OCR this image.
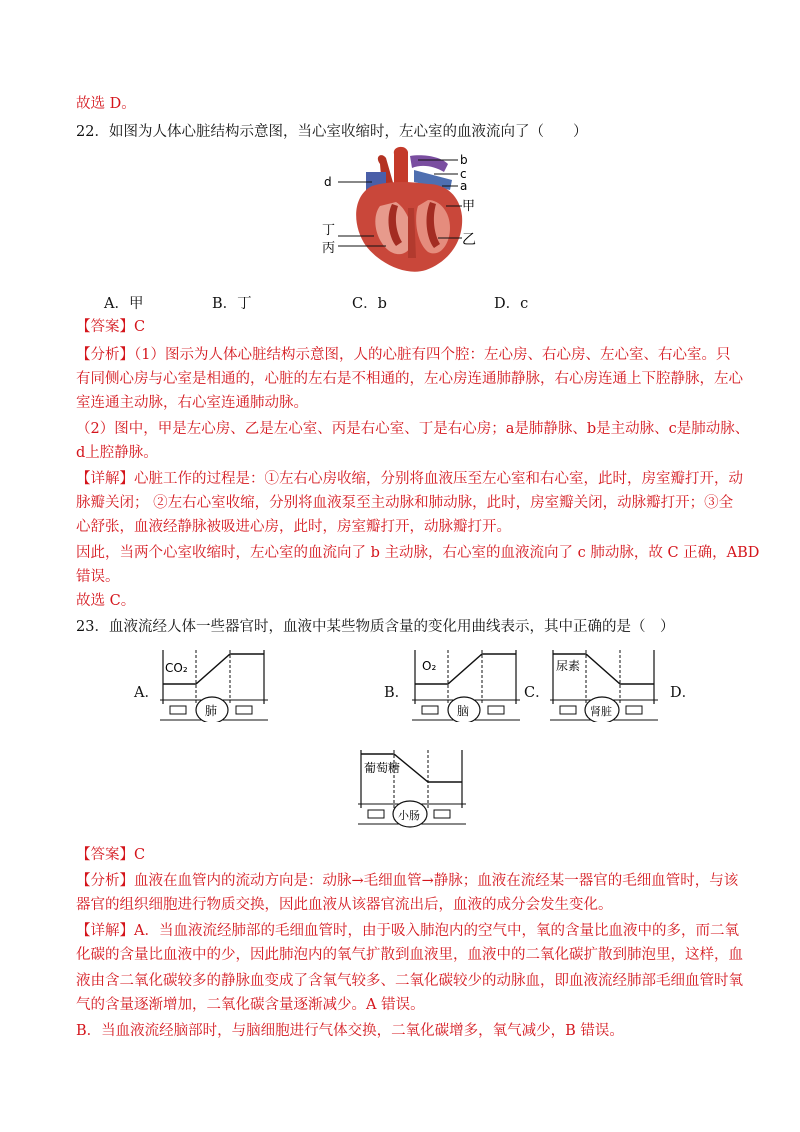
故选 D。
22．如图为人体心脏结构示意图，当心室收缩时，左心室的血液流向了（　　）
b
c
a
甲
乙
d
丁
丙
A．甲	B．丁	C．b	D．c
【答案】C
【分析】（1）图示为人体心脏结构示意图，人的心脏有四个腔：左心房、右心房、左心室、右心室。只
有同侧心房与心室是相通的，心脏的左右是不相通的，左心房连通肺静脉，右心房连通上下腔静脉，左心
室连通主动脉，右心室连通肺动脉。
（2）图中，甲是左心房、乙是左心室、丙是右心室、丁是右心房；a是肺静脉、b是主动脉、c是肺动脉、
d上腔静脉。
【详解】心脏工作的过程是：①左右心房收缩，分别将血液压至左心室和右心室，此时，房室瓣打开，动
脉瓣关闭； ②左右心室收缩，分别将血液泵至主动脉和肺动脉，此时，房室瓣关闭，动脉瓣打开；③全
心舒张，血液经静脉被吸进心房，此时，房室瓣打开，动脉瓣打开。
因此，当两个心室收缩时，左心室的血流向了 b 主动脉，右心室的血液流向了 c 肺动脉，故 C 正确，ABD
错误。
故选 C。
23．血液流经人体一些器官时，血液中某些物质含量的变化用曲线表示，其中正确的是（　）
A．
CO₂
肺
B．
O₂
脑
C．
尿素
肾脏
D．
葡萄糖
小肠
【答案】C
【分析】血液在血管内的流动方向是：动脉→毛细血管→静脉；血液在流经某一器官的毛细血管时，与该
器官的组织细胞进行物质交换，因此血液从该器官流出后，血液的成分会发生变化。
【详解】A．当血液流经肺部的毛细血管时，由于吸入肺泡内的空气中，氧的含量比血液中的多，而二氧
化碳的含量比血液中的少，因此肺泡内的氧气扩散到血液里，血液中的二氧化碳扩散到肺泡里，这样，血
液由含二氧化碳较多的静脉血变成了含氧气较多、二氧化碳较少的动脉血，即血液流经肺部毛细血管时氧
气的含量逐渐增加，二氧化碳含量逐渐减少。A 错误。
B．当血液流经脑部时，与脑细胞进行气体交换，二氧化碳增多，氧气减少，B 错误。
